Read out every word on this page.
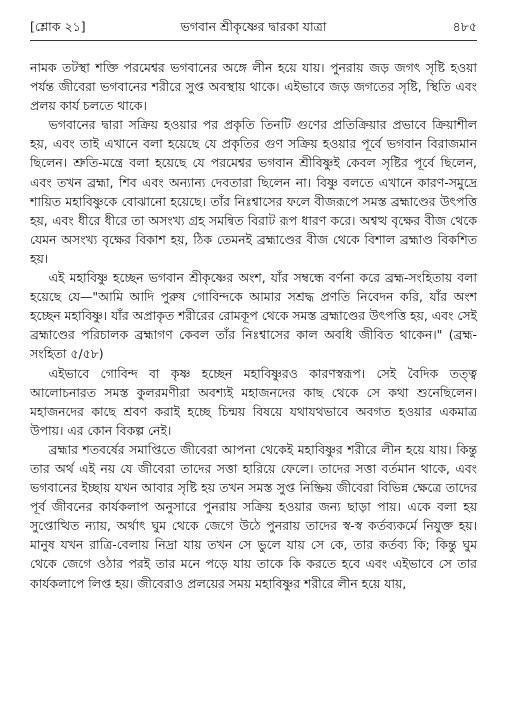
[শ্লোক ২১]	ভগবান শ্রীকৃষ্ণের দ্বারকা যাত্রা	৪৮৫

নামক তটস্থা শক্তি পরমেশ্বর ভগবানের অঙ্গে লীন হয়ে যায়। পুনরায় জড় জগৎ সৃষ্টি হওয়া পর্যন্ত জীবেরা ভগবানের শরীরে সুপ্ত অবস্থায় থাকে। এইভাবে জড় জগতের সৃষ্টি, স্থিতি এবং প্রলয় কার্য চলতে থাকে।

ভগবানের দ্বারা সক্রিয় হওয়ার পর প্রকৃতি তিনটি গুণের প্রতিক্রিয়ার প্রভাবে ক্রিয়াশীল হয়, এবং তাই এখানে বলা হয়েছে যে প্রকৃতির গুণ সক্রিয় হওয়ার পূর্বে ভগবান বিরাজমান ছিলেন। শ্রুতি-মন্ত্রে বলা হয়েছে যে পরমেশ্বর ভগবান শ্রীবিষ্ণুই কেবল সৃষ্টির পূর্বে ছিলেন, এবং তখন ব্রহ্মা, শিব এবং অন্যান্য দেবতারা ছিলেন না। বিষ্ণু বলতে এখানে কারণ-সমুদ্রে শায়িত মহাবিষ্ণুকে বোঝানো হয়েছে। তাঁর নিঃশ্বাসের ফলে বীজরূপে সমস্ত ব্রহ্মাণ্ডের উৎপত্তি হয়, এবং ধীরে ধীরে তা অসংখ্য গ্রহ সমন্বিত বিরাট রূপ ধারণ করে। অশ্বত্থ বৃক্ষের বীজ থেকে যেমন অসংখ্য বৃক্ষের বিকাশ হয়, ঠিক তেমনই ব্রহ্মাণ্ডের বীজ থেকে বিশাল ব্রহ্মাণ্ড বিকশিত হয়।

এই মহাবিষ্ণু হচ্ছেন ভগবান শ্রীকৃষ্ণের অংশ, যাঁর সম্বন্ধে বর্ণনা করে ব্রহ্ম-সংহিতায় বলা হয়েছে যে—"আমি আদি পুরুষ গোবিন্দকে আমার সশ্রদ্ধ প্রণতি নিবেদন করি, যাঁর অংশ হচ্ছেন মহাবিষ্ণু। যাঁর অপ্রাকৃত শরীরের রোমকূপ থেকে সমস্ত ব্রহ্মাণ্ডের উৎপত্তি হয়, এবং সেই ব্রহ্মাণ্ডের পরিচালক ব্রহ্মাগণ কেবল তাঁর নিঃশ্বাসের কাল অবধি জীবিত থাকেন।" (ব্রহ্ম-সংহিতা ৫/৫৮)

এইভাবে গোবিন্দ বা কৃষ্ণ হচ্ছেন মহাবিষ্ণুরও কারণস্বরূপ। সেই বৈদিক তত্ত্ব আলোচনারত সমস্ত কুলরমণীরা অবশ্যই মহাজনদের কাছ থেকে সে কথা শুনেছিলেন। মহাজনদের কাছে শ্রবণ করাই হচ্ছে চিন্ময় বিষয়ে যথাযথভাবে অবগত হওয়ার একমাত্র উপায়। এর কোন বিকল্প নেই।

ব্রহ্মার শতবর্ষের সমাপ্তিতে জীবেরা আপনা থেকেই মহাবিষ্ণুর শরীরে লীন হয়ে যায়। কিন্তু তার অর্থ এই নয় যে জীবেরা তাদের সত্তা হারিয়ে ফেলে। তাদের সত্তা বর্তমান থাকে, এবং ভগবানের ইচ্ছায় যখন আবার সৃষ্টি হয় তখন সমস্ত সুপ্ত নিষ্ক্রিয় জীবেরা বিভিন্ন ক্ষেত্রে তাদের পূর্ব জীবনের কার্যকলাপ অনুসারে পুনরায় সক্রিয় হওয়ার জন্য ছাড়া পায়। একে বলা হয় সুপ্তোত্থিত ন্যায়, অর্থাৎ ঘুম থেকে জেগে উঠে পুনরায় তাদের স্ব-স্ব কর্তব্যকর্মে নিযুক্ত হয়। মানুষ যখন রাত্রি-বেলায় নিদ্রা যায় তখন সে ভুলে যায় সে কে, তার কর্তব্য কি; কিন্তু ঘুম থেকে জেগে ওঠার পরই তার মনে পড়ে যায় তাকে কি করতে হবে এবং এইভাবে সে তার কার্যকলাপে লিপ্ত হয়। জীবেরাও প্রলয়ের সময় মহাবিষ্ণুর শরীরে লীন হয়ে যায়,
